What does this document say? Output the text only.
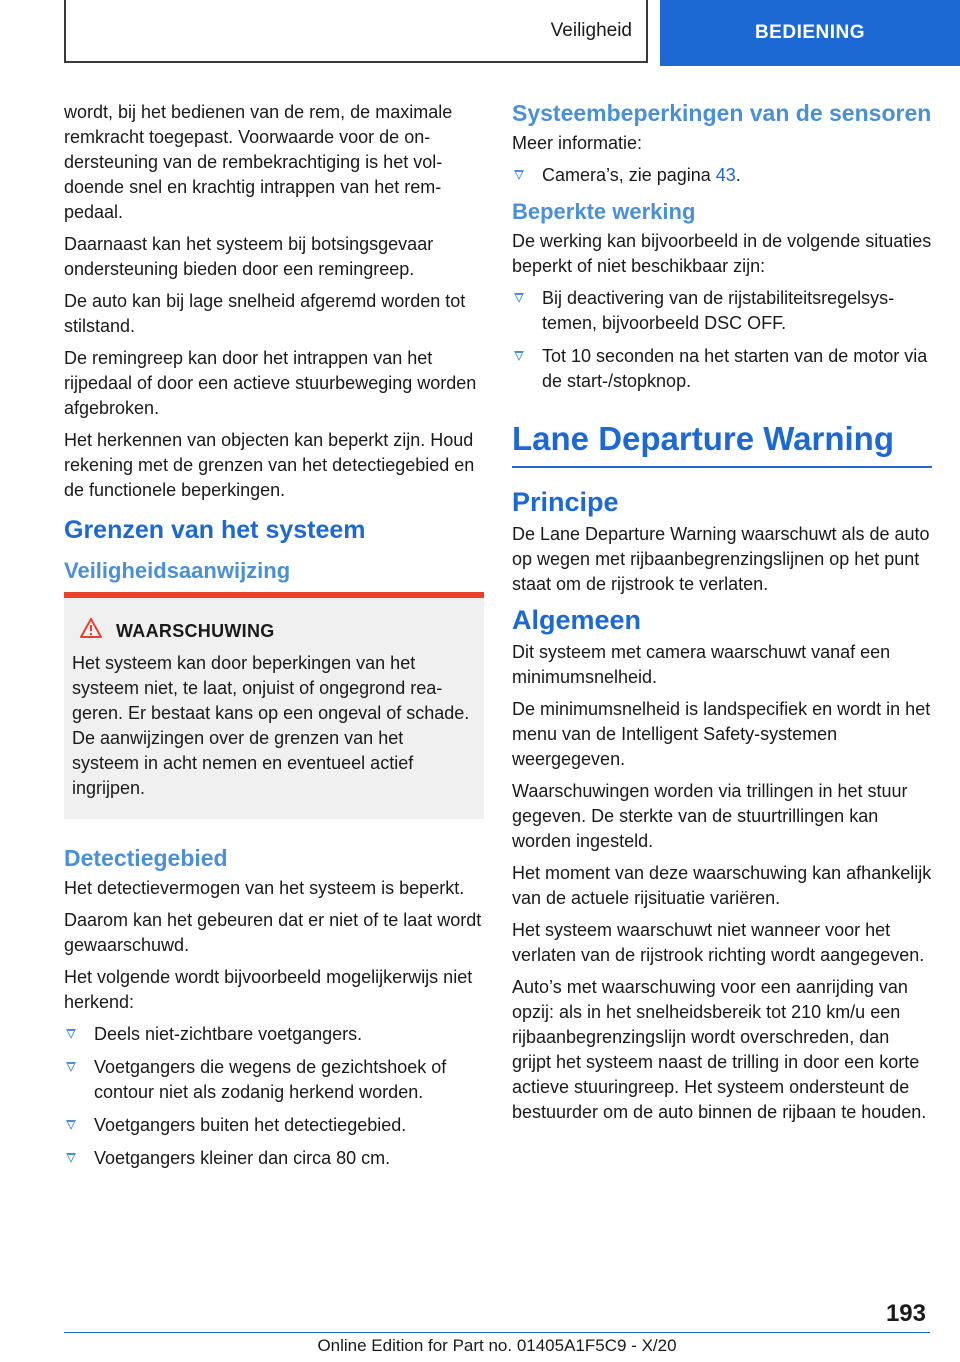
Veiligheid	BEDIENING

wordt, bij het bedienen van de rem, de maximale remkracht toegepast. Voorwaarde voor de ondersteuning van de rembekrachtiging is het voldoende snel en krachtig intrappen van het rempedaal.

Daarnaast kan het systeem bij botsingsgevaar ondersteuning bieden door een remingreep.

De auto kan bij lage snelheid afgeremd worden tot stilstand.

De remingreep kan door het intrappen van het rijpedaal of door een actieve stuurbeweging worden afgebroken.

Het herkennen van objecten kan beperkt zijn. Houd rekening met de grenzen van het detectiegebied en de functionele beperkingen.

Grenzen van het systeem
Veiligheidsaanwijzing
WAARSCHUWING

Het systeem kan door beperkingen van het systeem niet, te laat, onjuist of ongegrond reageren. Er bestaat kans op een ongeval of schade. De aanwijzingen over de grenzen van het systeem in acht nemen en eventueel actief ingrijpen.

Detectiegebied

Het detectievermogen van het systeem is beperkt.

Daarom kan het gebeuren dat er niet of te laat wordt gewaarschuwd.

Het volgende wordt bijvoorbeeld mogelijkerwijs niet herkend:

Deels niet-zichtbare voetgangers.
Voetgangers die wegens de gezichtshoek of contour niet als zodanig herkend worden.
Voetgangers buiten het detectiegebied.
Voetgangers kleiner dan circa 80 cm.
Systeembeperkingen van de sensoren

Meer informatie:

Camera’s, zie pagina 43.
Beperkte werking

De werking kan bijvoorbeeld in de volgende situaties beperkt of niet beschikbaar zijn:

Bij deactivering van de rijstabiliteitsregelsystemen, bijvoorbeeld DSC OFF.
Tot 10 seconden na het starten van de motor via de start-/stopknop.
Lane Departure Warning
Principe

De Lane Departure Warning waarschuwt als de auto op wegen met rijbaanbegrenzingslijnen op het punt staat om de rijstrook te verlaten.

Algemeen

Dit systeem met camera waarschuwt vanaf een minimumsnelheid.

De minimumsnelheid is landspecifiek en wordt in het menu van de Intelligent Safety-systemen weergegeven.

Waarschuwingen worden via trillingen in het stuur gegeven. De sterkte van de stuurtrillingen kan worden ingesteld.

Het moment van deze waarschuwing kan afhankelijk van de actuele rijsituatie variëren.

Het systeem waarschuwt niet wanneer voor het verlaten van de rijstrook richting wordt aangegeven.

Auto’s met waarschuwing voor een aanrijding van opzij: als in het snelheidsbereik tot 210 km/u een rijbaanbegrenzingslijn wordt overschreden, dan grijpt het systeem naast de trilling in door een korte actieve stuuringreep. Het systeem ondersteunt de bestuurder om de auto binnen de rijbaan te houden.

193
Online Edition for Part no. 01405A1F5C9 - X/20
